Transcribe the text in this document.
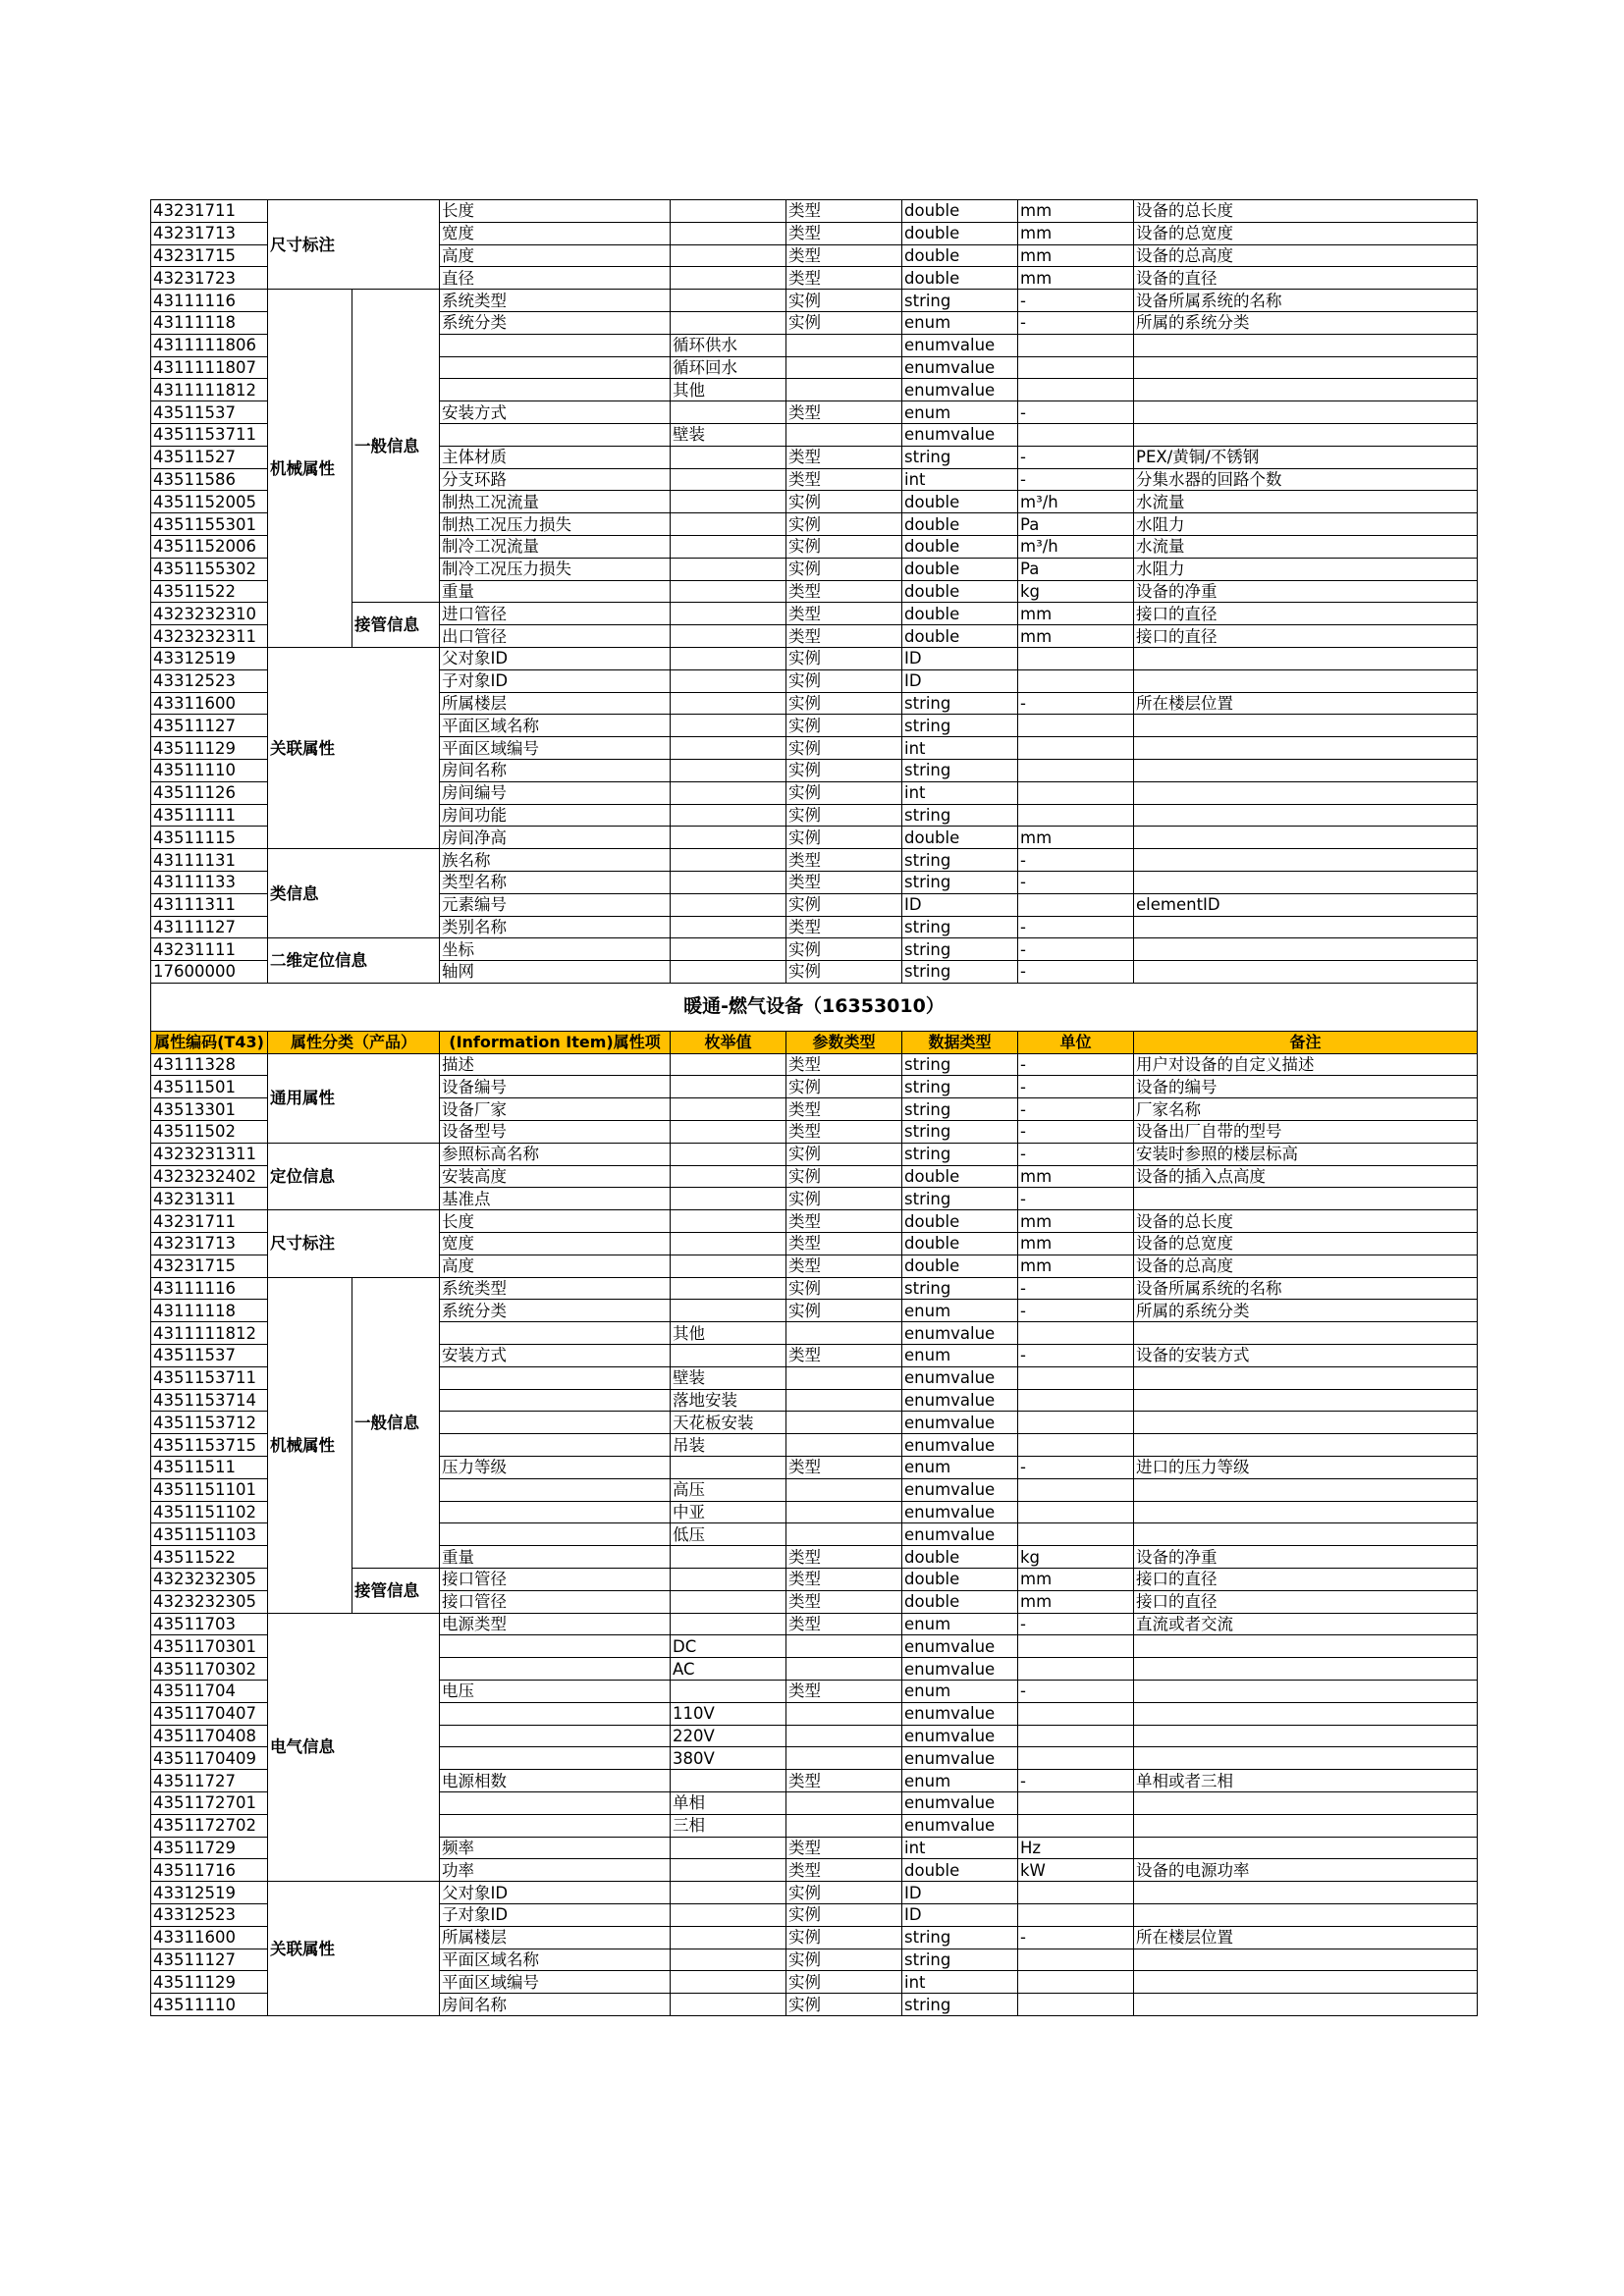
43231711	尺寸标注		长度		类型	double	mm	设备的总长度
43231713			宽度		类型	double	mm	设备的总宽度
43231715			高度		类型	double	mm	设备的总高度
43231723			直径		类型	double	mm	设备的直径
43111116	机械属性	一般信息	系统类型		实例	string	-	设备所属系统的名称
43111118			系统分类		实例	enum	-	所属的系统分类
4311111806				循环供水		enumvalue		
4311111807				循环回水		enumvalue		
4311111812				其他		enumvalue		
43511537			安装方式		类型	enum	-	
4351153711				壁装		enumvalue		
43511527			主体材质		类型	string	-	PEX/黄铜/不锈钢
43511586			分支环路		类型	int	-	分集水器的回路个数
4351152005			制热工况流量		实例	double	m³/h	水流量
4351155301			制热工况压力损失		实例	double	Pa	水阻力
4351152006			制冷工况流量		实例	double	m³/h	水流量
4351155302			制冷工况压力损失		实例	double	Pa	水阻力
43511522			重量		类型	double	kg	设备的净重
4323232310		接管信息	进口管径		类型	double	mm	接口的直径
4323232311			出口管径		类型	double	mm	接口的直径
43312519	关联属性		父对象ID		实例	ID		
43312523			子对象ID		实例	ID		
43311600			所属楼层		实例	string	-	所在楼层位置
43511127			平面区域名称		实例	string		
43511129			平面区域编号		实例	int		
43511110			房间名称		实例	string		
43511126			房间编号		实例	int		
43511111			房间功能		实例	string		
43511115			房间净高		实例	double	mm	
43111131	类信息		族名称		类型	string	-	
43111133			类型名称		类型	string	-	
43111311			元素编号		实例	ID		elementID
43111127			类别名称		类型	string	-	
43231111	二维定位信息		坐标		实例	string	-	
17600000			轴网		实例	string	-	
暖通-燃气设备（16353010）								
属性编码(T43)	属性分类（产品）		(Information Item)属性项	枚举值	参数类型	数据类型	单位	备注
43111328	通用属性		描述		类型	string	-	用户对设备的自定义描述
43511501			设备编号		实例	string	-	设备的编号
43513301			设备厂家		类型	string	-	厂家名称
43511502			设备型号		类型	string	-	设备出厂自带的型号
4323231311	定位信息		参照标高名称		实例	string	-	安装时参照的楼层标高
4323232402			安装高度		实例	double	mm	设备的插入点高度
43231311			基准点		实例	string	-	
43231711	尺寸标注		长度		类型	double	mm	设备的总长度
43231713			宽度		类型	double	mm	设备的总宽度
43231715			高度		类型	double	mm	设备的总高度
43111116	机械属性	一般信息	系统类型		实例	string	-	设备所属系统的名称
43111118			系统分类		实例	enum	-	所属的系统分类
4311111812				其他		enumvalue		
43511537			安装方式		类型	enum	-	设备的安装方式
4351153711				壁装		enumvalue		
4351153714				落地安装		enumvalue		
4351153712				天花板安装		enumvalue		
4351153715				吊装		enumvalue		
43511511			压力等级		类型	enum	-	进口的压力等级
4351151101				高压		enumvalue		
4351151102				中亚		enumvalue		
4351151103				低压		enumvalue		
43511522			重量		类型	double	kg	设备的净重
4323232305		接管信息	接口管径		类型	double	mm	接口的直径
4323232305			接口管径		类型	double	mm	接口的直径
43511703	电气信息		电源类型		类型	enum	-	直流或者交流
4351170301				DC		enumvalue		
4351170302				AC		enumvalue		
43511704			电压		类型	enum	-	
4351170407				110V		enumvalue		
4351170408				220V		enumvalue		
4351170409				380V		enumvalue		
43511727			电源相数		类型	enum	-	单相或者三相
4351172701				单相		enumvalue		
4351172702				三相		enumvalue		
43511729			频率		类型	int	Hz	
43511716			功率		类型	double	kW	设备的电源功率
43312519	关联属性		父对象ID		实例	ID		
43312523			子对象ID		实例	ID		
43311600			所属楼层		实例	string	-	所在楼层位置
43511127			平面区域名称		实例	string		
43511129			平面区域编号		实例	int		
43511110			房间名称		实例	string		
